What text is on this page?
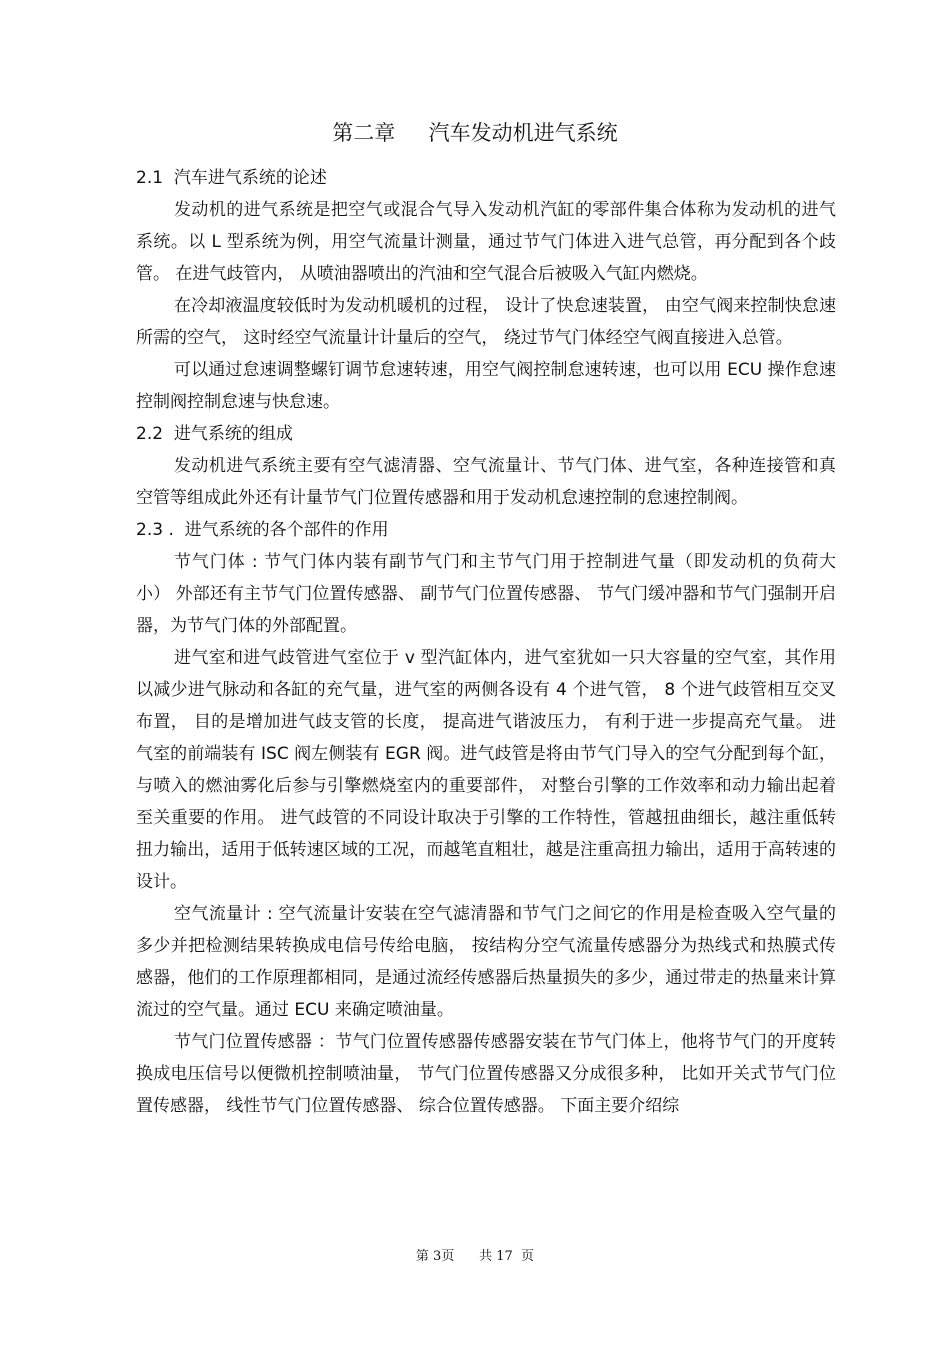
第二章     汽车发动机进气系统
2.1  汽车进气系统的论述

发动机的进气系统是把空气或混合气导入发动机汽缸的零部件集合体称为发动机的进气系统。以 L 型系统为例，用空气流量计测量，通过节气门体进入进气总管，再分配到各个歧管。 在进气歧管内， 从喷油器喷出的汽油和空气混合后被吸入气缸内燃烧。

在冷却液温度较低时为发动机暖机的过程， 设计了快怠速装置， 由空气阀来控制快怠速所需的空气， 这时经空气流量计计量后的空气， 绕过节气门体经空气阀直接进入总管。

可以通过怠速调整螺钉调节怠速转速，用空气阀控制怠速转速，也可以用 ECU 操作怠速控制阀控制怠速与快怠速。

2.2  进气系统的组成

发动机进气系统主要有空气滤清器、空气流量计、节气门体、进气室，各种连接管和真空管等组成此外还有计量节气门位置传感器和用于发动机怠速控制的怠速控制阀。

2.3 .  进气系统的各个部件的作用

节气门体 : 节气门体内装有副节气门和主节气门用于控制进气量（即发动机的负荷大小） 外部还有主节气门位置传感器、 副节气门位置传感器、 节气门缓冲器和节气门强制开启器，为节气门体的外部配置。

进气室和进气歧管进气室位于 v 型汽缸体内，进气室犹如一只大容量的空气室，其作用以减少进气脉动和各缸的充气量，进气室的两侧各设有 4 个进气管， 8 个进气歧管相互交叉布置， 目的是增加进气歧支管的长度， 提高进气谐波压力， 有利于进一步提高充气量。 进气室的前端装有 ISC 阀左侧装有 EGR 阀。进气歧管是将由节气门导入的空气分配到每个缸， 与喷入的燃油雾化后参与引擎燃烧室内的重要部件， 对整台引擎的工作效率和动力输出起着至关重要的作用。 进气歧管的不同设计取决于引擎的工作特性，管越扭曲细长，越注重低转扭力输出，适用于低转速区域的工况，而越笔直粗壮，越是注重高扭力输出，适用于高转速的设计。

空气流量计 : 空气流量计安装在空气滤清器和节气门之间它的作用是检查吸入空气量的多少并把检测结果转换成电信号传给电脑， 按结构分空气流量传感器分为热线式和热膜式传感器，他们的工作原理都相同，是通过流经传感器后热量损失的多少，通过带走的热量来计算流过的空气量。通过 ECU 来确定喷油量。

节气门位置传感器 ：节气门位置传感器传感器安装在节气门体上，他将节气门的开度转换成电压信号以便微机控制喷油量， 节气门位置传感器又分成很多种， 比如开关式节气门位置传感器， 线性节气门位置传感器、 综合位置传感器。 下面主要介绍综

第 3页      共 17  页
